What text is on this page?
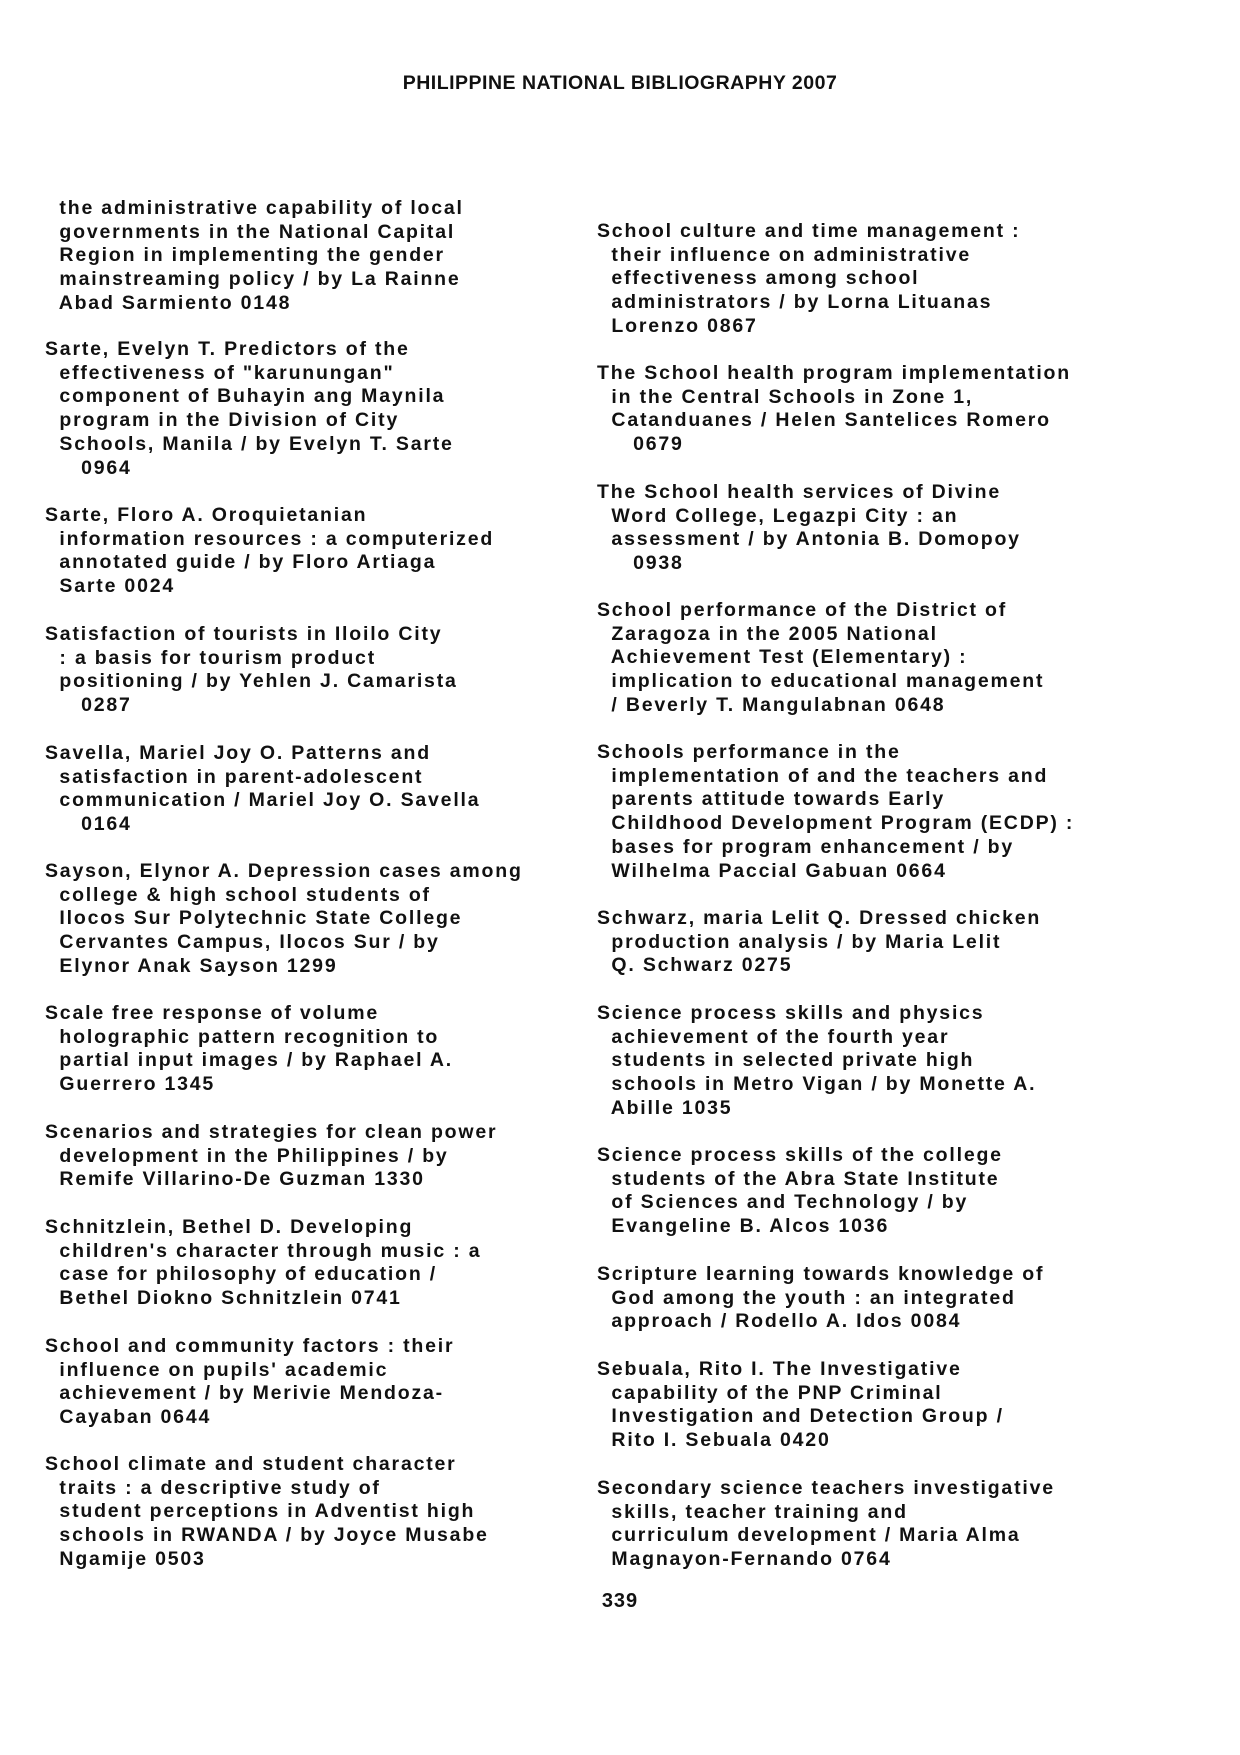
PHILIPPINE NATIONAL BIBLIOGRAPHY 2007

the administrative capability of local
governments in the National Capital
Region in implementing the gender
mainstreaming policy / by La Rainne
Abad Sarmiento 0148

Sarte, Evelyn T. Predictors of the
effectiveness of "karunungan"
component of Buhayin ang Maynila
program in the Division of City
Schools, Manila / by Evelyn T. Sarte
0964

Sarte, Floro A. Oroquietanian
information resources : a computerized
annotated guide / by Floro Artiaga
Sarte 0024

Satisfaction of tourists in Iloilo City
: a basis for tourism product
positioning / by Yehlen J. Camarista
0287

Savella, Mariel Joy O. Patterns and
satisfaction in parent-adolescent
communication / Mariel Joy O. Savella
0164

Sayson, Elynor A. Depression cases among
college & high school students of
Ilocos Sur Polytechnic State College
Cervantes Campus, Ilocos Sur / by
Elynor Anak Sayson 1299

Scale free response of volume
holographic pattern recognition to
partial input images / by Raphael A.
Guerrero 1345

Scenarios and strategies for clean power
development in the Philippines / by
Remife Villarino-De Guzman 1330

Schnitzlein, Bethel D. Developing
children's character through music : a
case for philosophy of education /
Bethel Diokno Schnitzlein 0741

School and community factors : their
influence on pupils' academic
achievement / by Merivie Mendoza-
Cayaban 0644

School climate and student character
traits : a descriptive study of
student perceptions in Adventist high
schools in RWANDA / by Joyce Musabe
Ngamije 0503

School culture and time management :
their influence on administrative
effectiveness among school
administrators / by Lorna Lituanas
Lorenzo 0867

The School health program implementation
in the Central Schools in Zone 1,
Catanduanes / Helen Santelices Romero
0679

The School health services of Divine
Word College, Legazpi City : an
assessment / by Antonia B. Domopoy
0938

School performance of the District of
Zaragoza in the 2005 National
Achievement Test (Elementary) :
implication to educational management
/ Beverly T. Mangulabnan 0648

Schools performance in the
implementation of and the teachers and
parents attitude towards Early
Childhood Development Program (ECDP) :
bases for program enhancement / by
Wilhelma Paccial Gabuan 0664

Schwarz, maria Lelit Q. Dressed chicken
production analysis / by Maria Lelit
Q. Schwarz 0275

Science process skills and physics
achievement of the fourth year
students in selected private high
schools in Metro Vigan / by Monette A.
Abille 1035

Science process skills of the college
students of the Abra State Institute
of Sciences and Technology / by
Evangeline B. Alcos 1036

Scripture learning towards knowledge of
God among the youth : an integrated
approach / Rodello A. Idos 0084

Sebuala, Rito I. The Investigative
capability of the PNP Criminal
Investigation and Detection Group /
Rito I. Sebuala 0420

Secondary science teachers investigative
skills, teacher training and
curriculum development / Maria Alma
Magnayon-Fernando 0764

339
